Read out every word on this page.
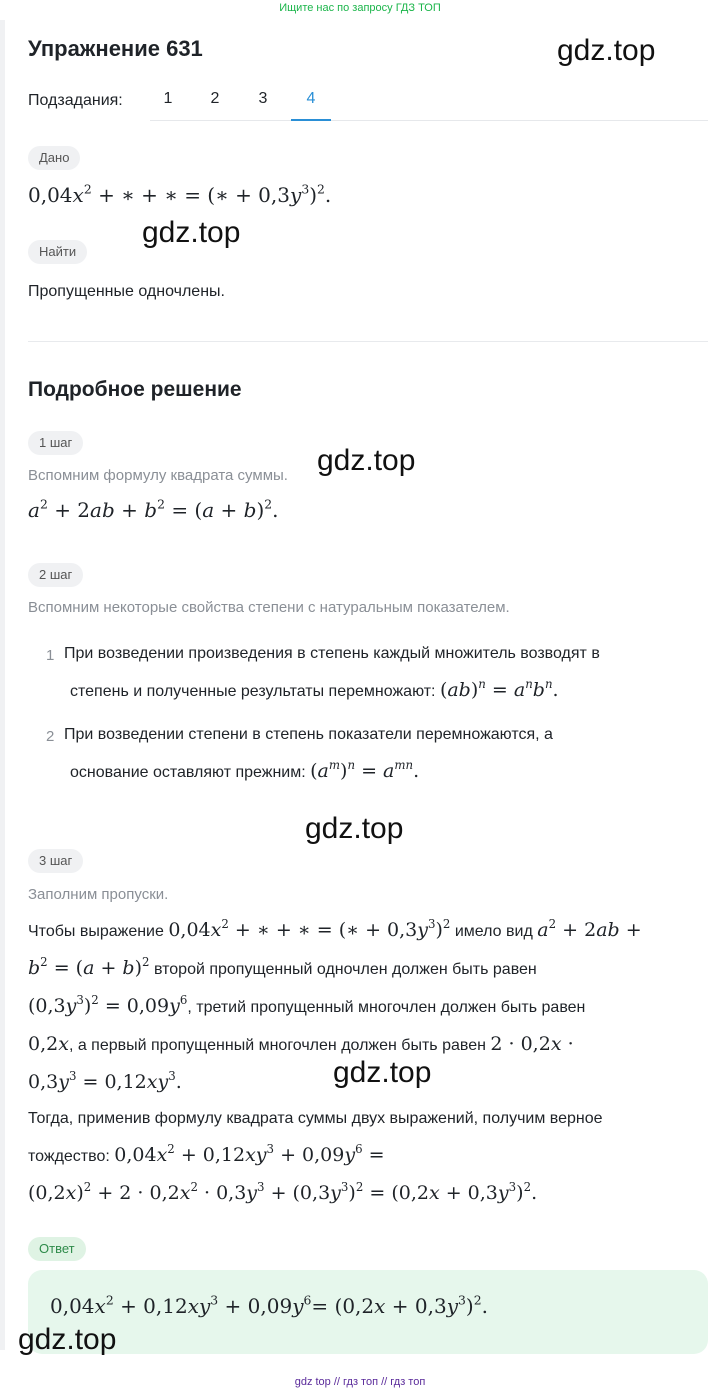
Ищите нас по запросу ГДЗ ТОП
Упражнение 631	gdz.top
Подзадания:	1	2	3	4
Дано
$0,04x^2$ + ∗ + ∗ = (∗ + $0,3y^3)^2$.
gdz.top
Найти
Пропущенные одночлены.
Подробное решение
1 шаг
Вспомним формулу квадрата суммы. gdz.top
$a^2 + 2ab + b^2 = (a + b)^2$.
2 шаг
Вспомним некоторые свойства степени с натуральным показателем.
1 При возведении произведения в степень каждый множитель возводят в
степень и полученные результаты перемножают: $(ab)^n = a^nb^n$.
2 При возведении степени в степень показатели перемножаются, а
основание оставляют прежним: $(a^m)^n = a^{mn}$.
gdz.top
3 шаг
Заполним пропуски.
Чтобы выражение $0,04x^2$ + ∗ + ∗ = (∗ + $0,3y^3)^2$ имело вид $a^2 + 2ab$ +
$b^2 = (a + b)^2$ второй пропущенный одночлен должен быть равен
$(0,3y^3)^2 = 0,09y^6$, третий пропущенный многочлен должен быть равен
0,2x, а первый пропущенный многочлен должен быть равен 2 · 0,2x ·
$0,3y^3 = 0,12xy^3$.	gdz.top
Тогда, применив формулу квадрата суммы двух выражений, получим верное
тождество: $0,04x^2 + 0,12xy^3 + 0,09y^6$ =
$(0,2x)^2 + 2 \cdot 0,2x^2 \cdot 0,3y^3 + (0,3y^3)^2 = (0,2x + 0,3y^3)^2$.
Ответ
$0,04x^2 + 0,12xy^3 + 0,09y^6= (0,2x + 0,3y^3)^2$.
gdz.top
gdz top // гдз топ // гдз топ
